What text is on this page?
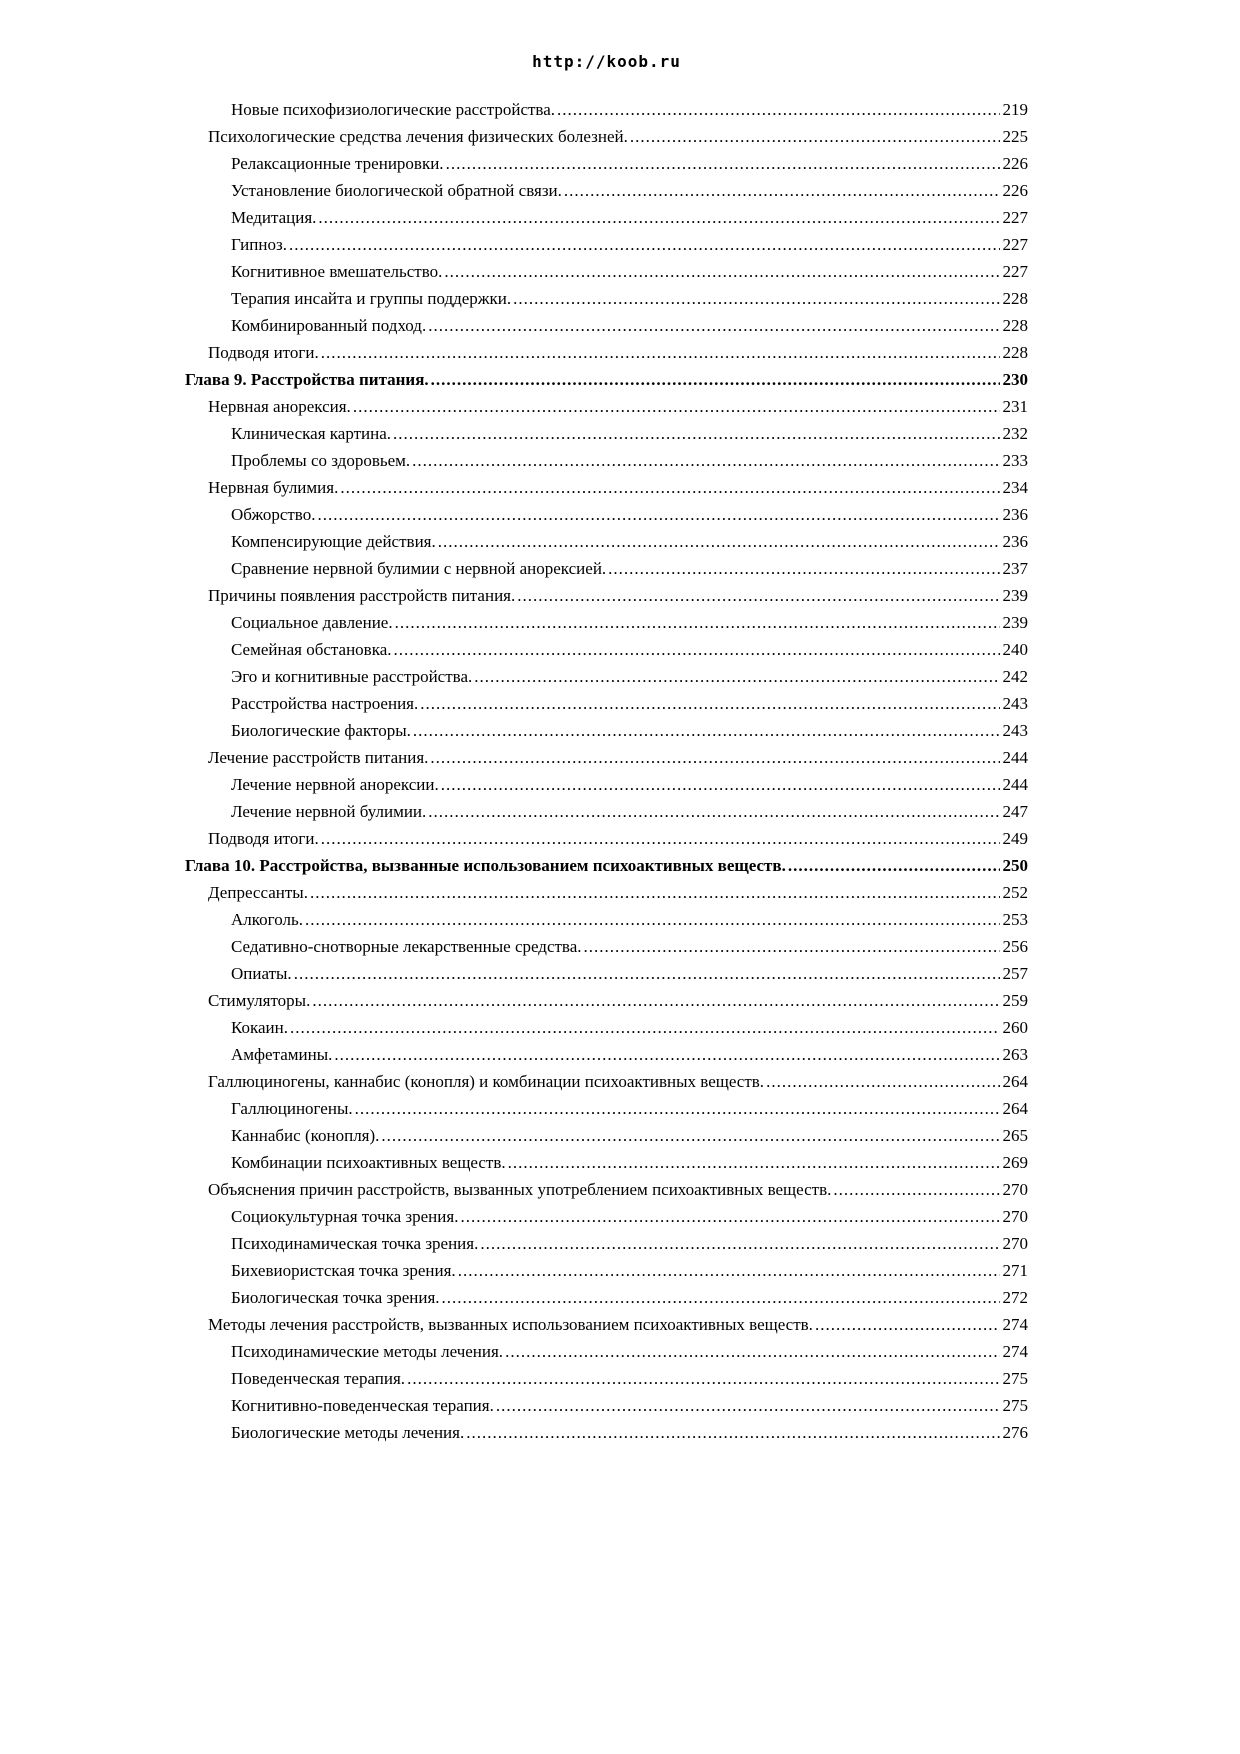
http://koob.ru
Новые психофизиологические расстройства. .....	219
Психологические средства лечения физических болезней. .....	225
Релаксационные тренировки. .....	226
Установление биологической обратной связи. .....	226
Медитация. .....	227
Гипноз. .....	227
Когнитивное вмешательство. .....	227
Терапия инсайта и группы поддержки. .....	228
Комбинированный подход. .....	228
Подводя итоги. .....	228
Глава 9. Расстройства питания. .....	230
Нервная анорексия. .....	231
Клиническая картина. .....	232
Проблемы со здоровьем. .....	233
Нервная булимия. .....	234
Обжорство. .....	236
Компенсирующие действия. .....	236
Сравнение нервной булимии с нервной анорексией. .....	237
Причины появления расстройств питания. .....	239
Социальное давление. .....	239
Семейная обстановка. .....	240
Эго и когнитивные расстройства. .....	242
Расстройства настроения. .....	243
Биологические факторы. .....	243
Лечение расстройств питания. .....	244
Лечение нервной анорексии. .....	244
Лечение нервной булимии. .....	247
Подводя итоги. .....	249
Глава 10. Расстройства, вызванные использованием психоактивных веществ. .....	250
Депрессанты. .....	252
Алкоголь. .....	253
Седативно-снотворные лекарственные средства. .....	256
Опиаты. .....	257
Стимуляторы. .....	259
Кокаин. .....	260
Амфетамины. .....	263
Галлюциногены, каннабис (конопля) и комбинации психоактивных веществ. .....	264
Галлюциногены. .....	264
Каннабис (конопля). .....	265
Комбинации психоактивных веществ. .....	269
Объяснения причин расстройств, вызванных употреблением психоактивных веществ. .....	270
Социокультурная точка зрения. .....	270
Психодинамическая точка зрения. .....	270
Бихевиористская точка зрения. .....	271
Биологическая точка зрения. .....	272
Методы лечения расстройств, вызванных использованием психоактивных веществ. .....	274
Психодинамические методы лечения. .....	274
Поведенческая терапия. .....	275
Когнитивно-поведенческая терапия. .....	275
Биологические методы лечения. .....	276
